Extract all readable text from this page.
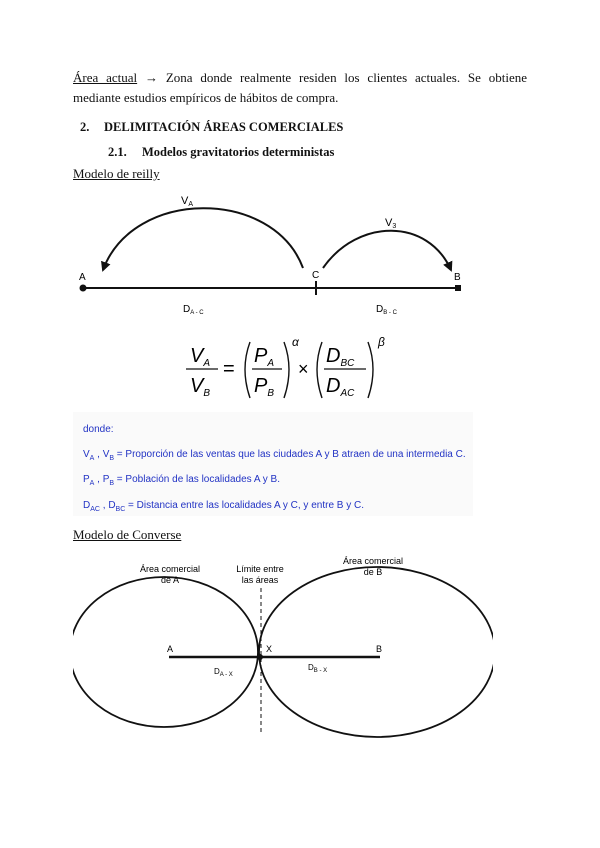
Área actual → Zona donde realmente residen los clientes actuales. Se obtiene mediante estudios empíricos de hábitos de compra.
2. DELIMITACIÓN ÁREAS COMERCIALES
2.1. Modelos gravitatorios deterministas
Modelo de reilly
VA
V3
A	C	B
$D_{A - C}$	$D_{B - C}$
$V_A$
$V_B$
=
$P_A$
$P_B$
α
×
$D_{BC}$
$D_{AC}$
β
donde:
$V_A$ , $V_B$ = Proporción de las ventas que las ciudades A y B atraen de una intermedia C.
$P_A$ , $P_B$ = Población de las localidades A y B.
$D_{AC}$ , $D_{BC}$ = Distancia entre las localidades A y C, y entre B y C.
Modelo de Converse
Área comercial
de A
Límite entre
las áreas
Área comercial
de B
A	X	B
$D_{A - X}$
$D_{B - X}$
